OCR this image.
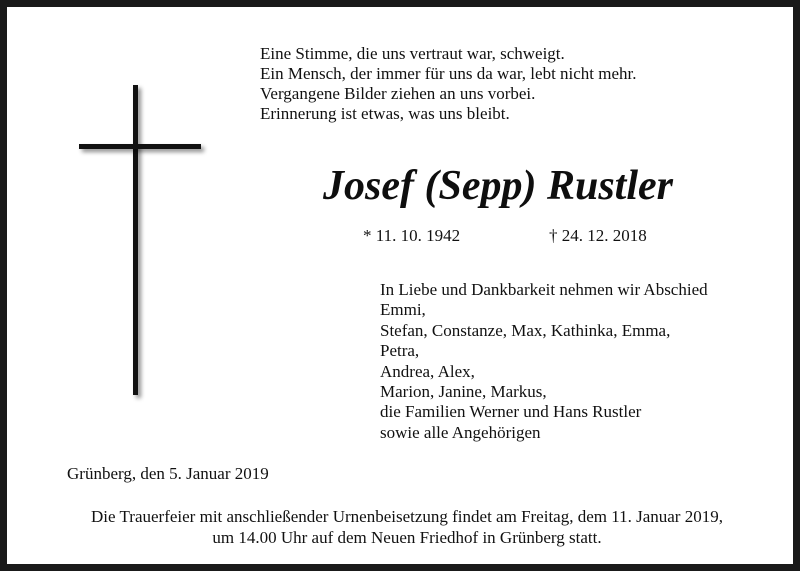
Eine Stimme, die uns vertraut war, schweigt.
Ein Mensch, der immer für uns da war, lebt nicht mehr.
Vergangene Bilder ziehen an uns vorbei.
Erinnerung ist etwas, was uns bleibt.
Josef (Sepp) Rustler
* 11. 10. 1942	† 24. 12. 2018
In Liebe und Dankbarkeit nehmen wir Abschied
Emmi,
Stefan, Constanze, Max, Kathinka, Emma,
Petra,
Andrea, Alex,
Marion, Janine, Markus,
die Familien Werner und Hans Rustler
sowie alle Angehörigen
Grünberg, den 5. Januar 2019
Die Trauerfeier mit anschließender Urnenbeisetzung findet am Freitag, dem 11. Januar 2019,
um 14.00 Uhr auf dem Neuen Friedhof in Grünberg statt.
